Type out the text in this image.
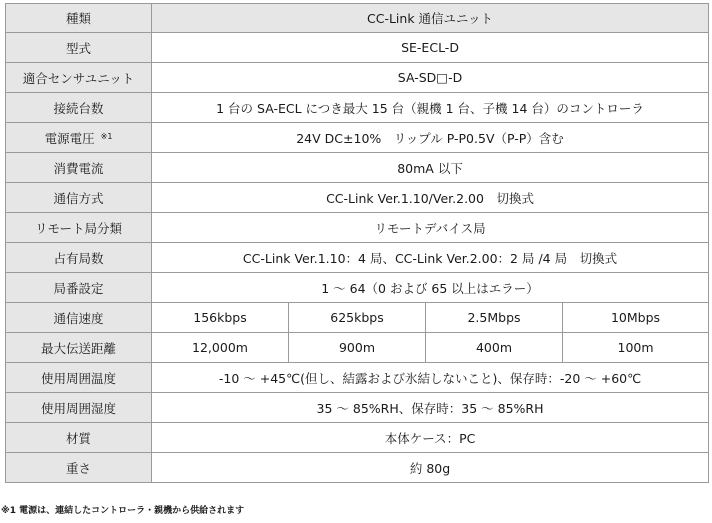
種類	CC-Link 通信ユニット			
型式	SE-ECL-D			
適合センサユニット	SA-SD□-D			
接続台数	1 台の SA-ECL につき最大 15 台（親機 1 台、子機 14 台）のコントローラ			
電源電圧 $^{※1}$	24V DC±10%　リップル P-P0.5V（P-P）含む			
消費電流	80mA 以下			
通信方式	CC-Link Ver.1.10/Ver.2.00　切換式			
リモート局分類	リモートデバイス局			
占有局数	CC-Link Ver.1.10：4 局、CC-Link Ver.2.00：2 局 /4 局　切換式			
局番設定	1 ～ 64（0 および 65 以上はエラー）			
通信速度	156kbps	625kbps	2.5Mbps	10Mbps
最大伝送距離	12,000m	900m	400m	100m
使用周囲温度	-10 ～ +45℃(但し、結露および氷結しないこと)、保存時：-20 ～ +60℃			
使用周囲湿度	35 ～ 85%RH、保存時：35 ～ 85%RH			
材質	本体ケース：PC			
重さ	約 80g			
※1 電源は、連結したコントローラ・親機から供給されます
